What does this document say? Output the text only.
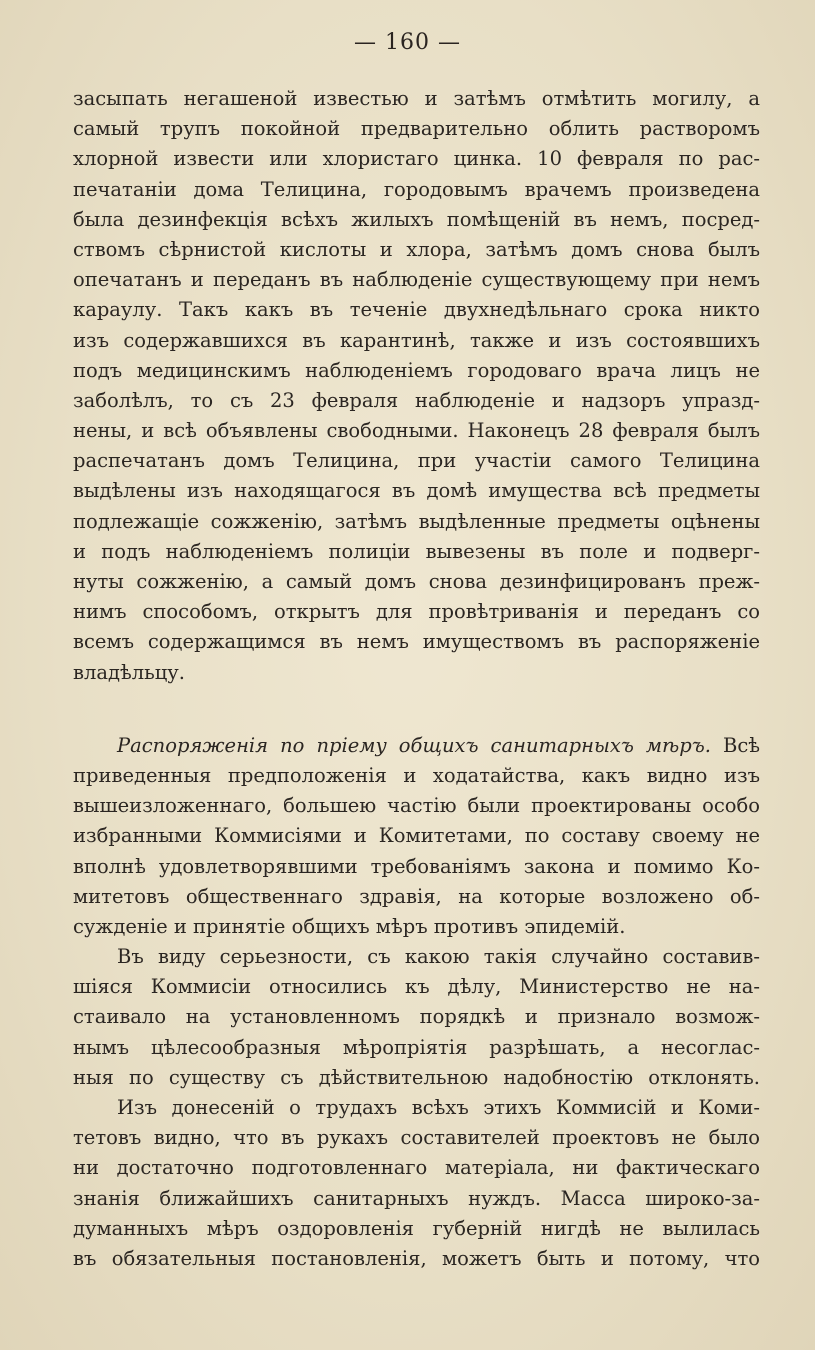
— 160 —
засыпать негашеной известью и затѣмъ отмѣтить могилу, а
самый трупъ покойной предварительно облить растворомъ
хлорной извести или хлористаго цинка. 10 февраля по рас-
печатаніи дома Телицина, городовымъ врачемъ произведена
была дезинфекція всѣхъ жилыхъ помѣщеній въ немъ, посред-
ствомъ сѣрнистой кислоты и хлора, затѣмъ домъ снова былъ
опечатанъ и переданъ въ наблюденіе существующему при немъ
караулу. Такъ какъ въ теченіе двухнедѣльнаго срока никто
изъ содержавшихся въ карантинѣ, также и изъ состоявшихъ
подъ медицинскимъ наблюденіемъ городоваго врача лицъ не
заболѣлъ, то съ 23 февраля наблюденіе и надзоръ упразд-
нены, и всѣ объявлены свободными. Наконецъ 28 февраля былъ
распечатанъ домъ Телицина, при участіи самого Телицина
выдѣлены изъ находящагося въ домѣ имущества всѣ предметы
подлежащіе сожженію, затѣмъ выдѣленные предметы оцѣнены
и подъ наблюденіемъ полиціи вывезены въ поле и подверг-
нуты сожженію, а самый домъ снова дезинфицированъ преж-
нимъ способомъ, открытъ для провѣтриванія и переданъ со
всемъ содержащимся въ немъ имуществомъ въ распоряженіе
владѣльцу.
Распоряженія по пріему общихъ санитарныхъ мѣръ. Всѣ
приведенныя предположенія и ходатайства, какъ видно изъ
вышеизложеннаго, большею частію были проектированы особо
избранными Коммисіями и Комитетами, по составу своему не
вполнѣ удовлетворявшими требованіямъ закона и помимо Ко-
митетовъ общественнаго здравія, на которые возложено об-
сужденіе и принятіе общихъ мѣръ противъ эпидемій.
Въ виду серьезности, съ какою такія случайно составив-
шіяся Коммисіи относились къ дѣлу, Министерство не на-
стаивало на установленномъ порядкѣ и признало возмож-
нымъ цѣлесообразныя мѣропріятія разрѣшать, а несоглас-
ныя по существу съ дѣйствительною надобностію отклонять.
Изъ донесеній о трудахъ всѣхъ этихъ Коммисій и Коми-
тетовъ видно, что въ рукахъ составителей проектовъ не было
ни достаточно подготовленнаго матеріала, ни фактическаго
знанія ближайшихъ санитарныхъ нуждъ. Масса широко-за-
думанныхъ мѣръ оздоровленія губерній нигдѣ не вылилась
въ обязательныя постановленія, можетъ быть и потому, что
